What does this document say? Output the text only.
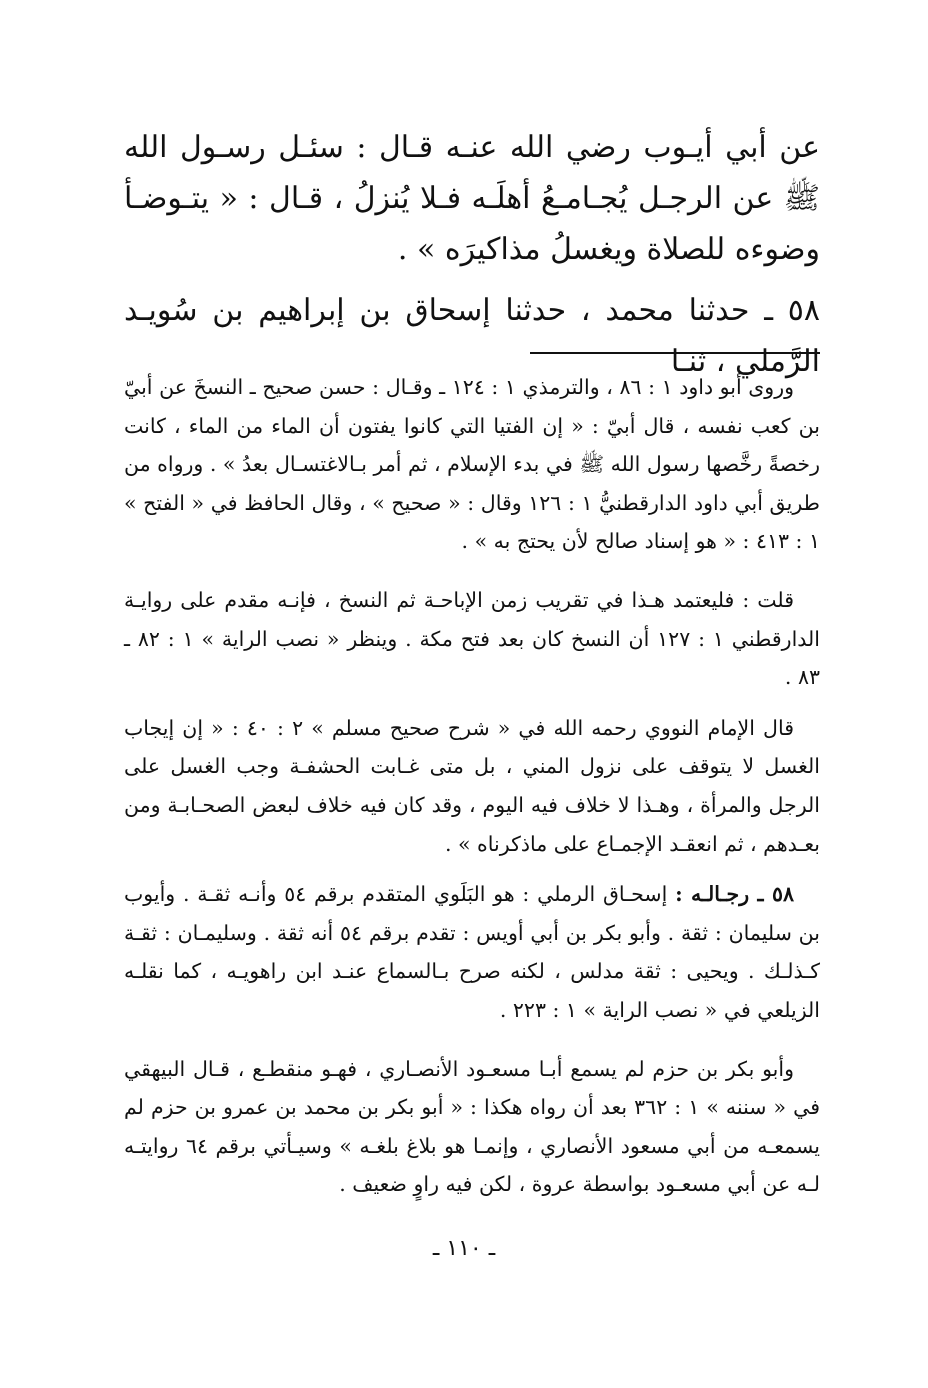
عن أبي أيـوب رضي الله عنـه قـال : سئـل رسـول الله ﷺ عن الرجـل يُجـامـعُ أهلَـه فـلا يُنزلُ ، قـال : « يتـوضـأ وضوءه للصلاة ويغسلُ مذاكيرَه » .

٥٨ ـ حدثنا محمد ، حدثنا إسحاق بن إبراهيم بن سُويـد الرَّملي ، ثنـا

وروى أبو داود ١ : ٨٦ ، والترمذي ١ : ١٢٤ ـ وقـال : حسن صحيح ـ النسخَ عن أبيّ بن كعب نفسه ، قال أبيّ : « إن الفتيا التي كانوا يفتون أن الماء من الماء ، كانت رخصةً رخَّصها رسول الله ﷺ في بدء الإسلام ، ثم أمر بـالاغتسـال بعدُ » . ورواه من طريق أبي داود الدارقطنيُّ ١ : ١٢٦ وقال : « صحيح » ، وقال الحافظ في « الفتح » ١ : ٤١٣ : « هو إسناد صالح لأن يحتج به » .

قلت : فليعتمد هـذا في تقريب زمن الإباحـة ثم النسخ ، فإنـه مقدم على روايـة الدارقطني ١ : ١٢٧ أن النسخ كان بعد فتح مكة . وينظر « نصب الراية » ١ : ٨٢ ـ ٨٣ .

قال الإمام النووي رحمه الله في « شرح صحيح مسلم » ٢ : ٤٠ : « إن إيجاب الغسل لا يتوقف على نزول المني ، بل متى غـابت الحشفـة وجب الغسل على الرجل والمرأة ، وهـذا لا خلاف فيه اليوم ، وقد كان فيه خلاف لبعض الصحـابـة ومن بعـدهم ، ثم انعقـد الإجمـاع على ماذكرناه » .

٥٨ ـ رجـالـه : إسحـاق الرملي : هو البَلَوي المتقدم برقم ٥٤ وأنـه ثقـة . وأيوب بن سليمان : ثقة . وأبو بكر بن أبي أويس : تقدم برقم ٥٤ أنه ثقة . وسليمـان : ثقـة كـذلـك . ويحيى : ثقة مدلس ، لكنه صرح بـالسماع عنـد ابن راهويـه ، كما نقلـه الزيلعي في « نصب الراية » ١ : ٢٢٣ .

وأبو بكر بن حزم لم يسمع أبـا مسعـود الأنصـاري ، فهـو منقطـع ، قـال البيهقي في « سننه » ١ : ٣٦٢ بعد أن رواه هكذا : « أبو بكر بن محمد بن عمرو بن حزم لم يسمعـه من أبي مسعود الأنصاري ، وإنمـا هو بلاغ بلغـه » وسيـأتي برقم ٦٤ روايتـه لـه عن أبي مسعـود بواسطة عروة ، لكن فيه راوٍ ضعيف .

ـ ١١٠ ـ
